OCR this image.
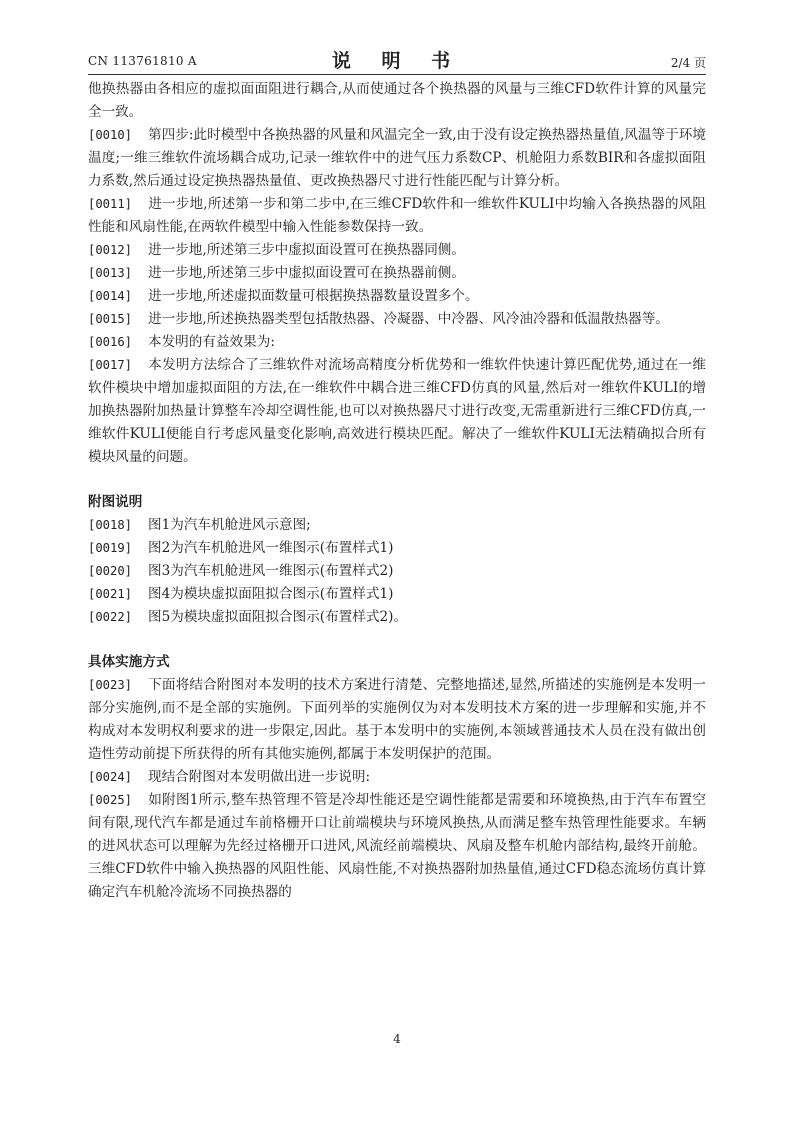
CN 113761810 A	说 明 书	2/4 页

他换热器由各相应的虚拟面面阻进行耦合,从而使通过各个换热器的风量与三维CFD软件计算的风量完全一致。

[0010] 第四步:此时模型中各换热器的风量和风温完全一致,由于没有设定换热器热量值,风温等于环境温度;一维三维软件流场耦合成功,记录一维软件中的进气压力系数CP、机舱阻力系数BIR和各虚拟面阻力系数,然后通过设定换热器热量值、更改换热器尺寸进行性能匹配与计算分析。

[0011] 进一步地,所述第一步和第二步中,在三维CFD软件和一维软件KULI中均输入各换热器的风阻性能和风扇性能,在两软件模型中输入性能参数保持一致。

[0012] 进一步地,所述第三步中虚拟面设置可在换热器同侧。

[0013] 进一步地,所述第三步中虚拟面设置可在换热器前侧。

[0014] 进一步地,所述虚拟面数量可根据换热器数量设置多个。

[0015] 进一步地,所述换热器类型包括散热器、冷凝器、中冷器、风冷油冷器和低温散热器等。

[0016] 本发明的有益效果为:

[0017] 本发明方法综合了三维软件对流场高精度分析优势和一维软件快速计算匹配优势,通过在一维软件模块中增加虚拟面阻的方法,在一维软件中耦合进三维CFD仿真的风量,然后对一维软件KULI的增加换热器附加热量计算整车冷却空调性能,也可以对换热器尺寸进行改变,无需重新进行三维CFD仿真,一维软件KULI便能自行考虑风量变化影响,高效进行模块匹配。解决了一维软件KULI无法精确拟合所有模块风量的问题。

附图说明

[0018] 图1为汽车机舱进风示意图;

[0019] 图2为汽车机舱进风一维图示(布置样式1)

[0020] 图3为汽车机舱进风一维图示(布置样式2)

[0021] 图4为模块虚拟面阻拟合图示(布置样式1)

[0022] 图5为模块虚拟面阻拟合图示(布置样式2)。

具体实施方式

[0023] 下面将结合附图对本发明的技术方案进行清楚、完整地描述,显然,所描述的实施例是本发明一部分实施例,而不是全部的实施例。下面列举的实施例仅为对本发明技术方案的进一步理解和实施,并不构成对本发明权利要求的进一步限定,因此。基于本发明中的实施例,本领域普通技术人员在没有做出创造性劳动前提下所获得的所有其他实施例,都属于本发明保护的范围。

[0024] 现结合附图对本发明做出进一步说明:

[0025] 如附图1所示,整车热管理不管是冷却性能还是空调性能都是需要和环境换热,由于汽车布置空间有限,现代汽车都是通过车前格栅开口让前端模块与环境风换热,从而满足整车热管理性能要求。车辆的进风状态可以理解为先经过格栅开口进风,风流经前端模块、风扇及整车机舱内部结构,最终开前舱。三维CFD软件中输入换热器的风阻性能、风扇性能,不对换热器附加热量值,通过CFD稳态流场仿真计算确定汽车机舱冷流场不同换热器的

4
